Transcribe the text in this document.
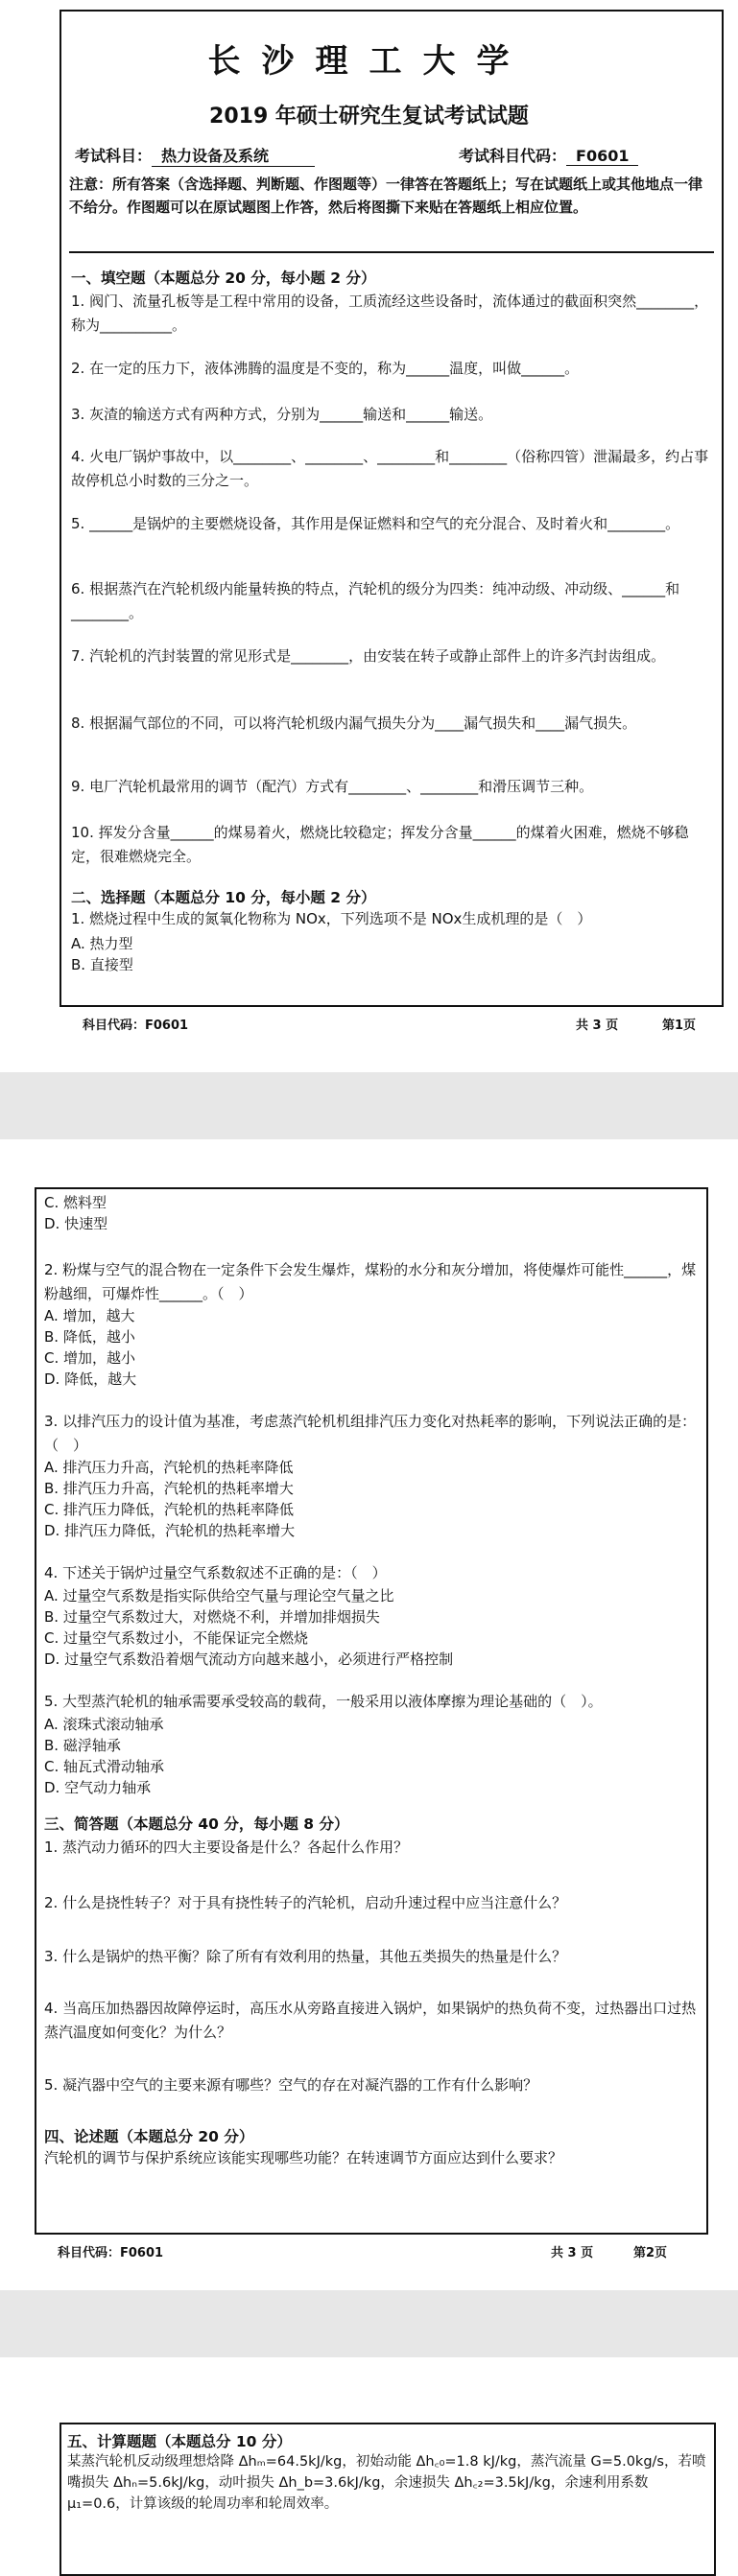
长沙理工大学
2019 年硕士研究生复试考试试题
考试科目： 热力设备及系统	考试科目代码： F0601
注意：所有答案（含选择题、判断题、作图题等）一律答在答题纸上；写在试题纸上或其他地点一律不给分。作图题可以在原试题图上作答，然后将图撕下来贴在答题纸上相应位置。
一、填空题（本题总分 20 分，每小题 2 分）
1. 阀门、流量孔板等是工程中常用的设备，工质流经这些设备时，流体通过的截面积突然________，称为__________。
2. 在一定的压力下，液体沸腾的温度是不变的，称为______温度，叫做______。
3. 灰渣的输送方式有两种方式，分别为______输送和______输送。
4. 火电厂锅炉事故中，以________、________、________和________（俗称四管）泄漏最多，约占事故停机总小时数的三分之一。
5. ______是锅炉的主要燃烧设备，其作用是保证燃料和空气的充分混合、及时着火和________。
6. 根据蒸汽在汽轮机级内能量转换的特点，汽轮机的级分为四类：纯冲动级、冲动级、______和________。
7. 汽轮机的汽封装置的常见形式是________，由安装在转子或静止部件上的许多汽封齿组成。
8. 根据漏气部位的不同，可以将汽轮机级内漏气损失分为____漏气损失和____漏气损失。
9. 电厂汽轮机最常用的调节（配汽）方式有________、________和滑压调节三种。
10. 挥发分含量______的煤易着火，燃烧比较稳定；挥发分含量______的煤着火困难，燃烧不够稳定，很难燃烧完全。
二、选择题（本题总分 10 分，每小题 2 分）
1. 燃烧过程中生成的氮氧化物称为 NOx，下列选项不是 NOx生成机理的是（　）
A. 热力型
B. 直接型
科目代码：F0601	共 3 页	第1页
C. 燃料型
D. 快速型
2. 粉煤与空气的混合物在一定条件下会发生爆炸，煤粉的水分和灰分增加，将使爆炸可能性______，煤粉越细，可爆炸性______。（　）
A. 增加，越大
B. 降低，越小
C. 增加，越小
D. 降低，越大
3. 以排汽压力的设计值为基准，考虑蒸汽轮机机组排汽压力变化对热耗率的影响，下列说法正确的是：（　）
A. 排汽压力升高，汽轮机的热耗率降低
B. 排汽压力升高，汽轮机的热耗率增大
C. 排汽压力降低，汽轮机的热耗率降低
D. 排汽压力降低，汽轮机的热耗率增大
4. 下述关于锅炉过量空气系数叙述不正确的是：（　）
A. 过量空气系数是指实际供给空气量与理论空气量之比
B. 过量空气系数过大，对燃烧不利，并增加排烟损失
C. 过量空气系数过小，不能保证完全燃烧
D. 过量空气系数沿着烟气流动方向越来越小，必须进行严格控制
5. 大型蒸汽轮机的轴承需要承受较高的载荷，一般采用以液体摩擦为理论基础的（　）。
A. 滚珠式滚动轴承
B. 磁浮轴承
C. 轴瓦式滑动轴承
D. 空气动力轴承
三、简答题（本题总分 40 分，每小题 8 分）
1. 蒸汽动力循环的四大主要设备是什么？各起什么作用？
2. 什么是挠性转子？对于具有挠性转子的汽轮机，启动升速过程中应当注意什么？
3. 什么是锅炉的热平衡？除了所有有效利用的热量，其他五类损失的热量是什么？
4. 当高压加热器因故障停运时，高压水从旁路直接进入锅炉，如果锅炉的热负荷不变，过热器出口过热蒸汽温度如何变化？为什么？
5. 凝汽器中空气的主要来源有哪些？空气的存在对凝汽器的工作有什么影响？
四、论述题（本题总分 20 分）
汽轮机的调节与保护系统应该能实现哪些功能？在转速调节方面应达到什么要求？
科目代码：F0601	共 3 页	第2页
五、计算题题（本题总分 10 分）
某蒸汽轮机反动级理想焓降 Δhₘ=64.5kJ/kg，初始动能 Δh꜀₀=1.8 kJ/kg，蒸汽流量 G=5.0kg/s，若喷嘴损失 Δhₙ=5.6kJ/kg，动叶损失 Δh_b=3.6kJ/kg，余速损失 Δh꜀₂=3.5kJ/kg，余速利用系数 μ₁=0.6，计算该级的轮周功率和轮周效率。
